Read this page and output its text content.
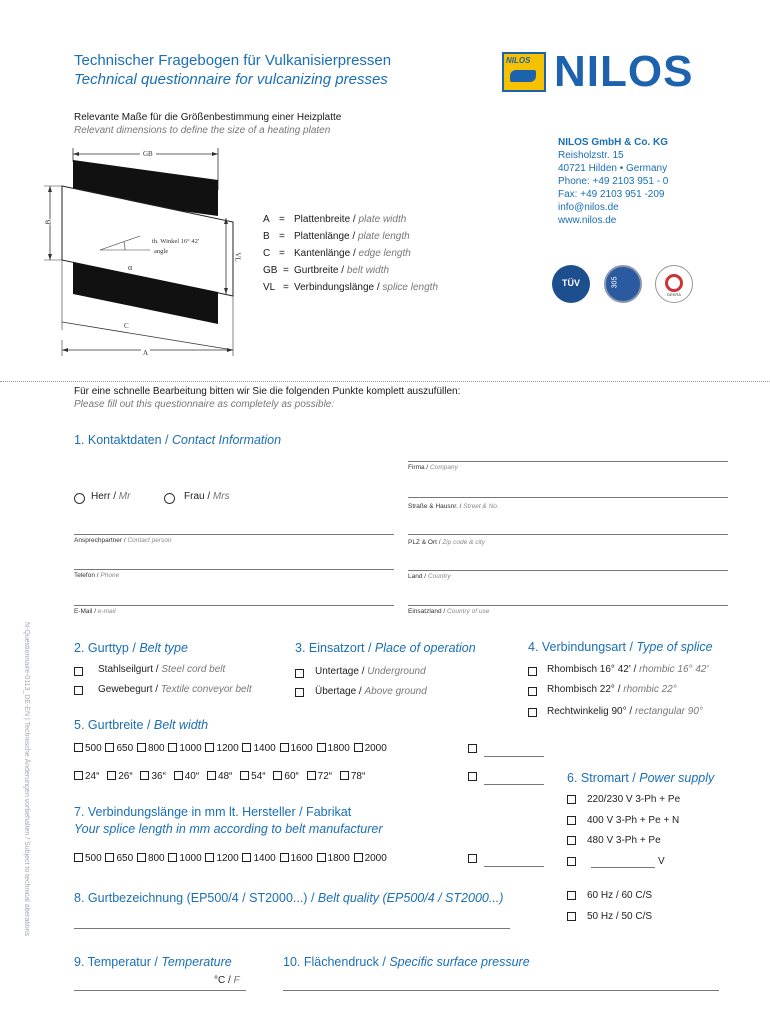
Technischer Fragebogen für Vulkanisierpressen
Technical questionnaire for vulcanizing presses
NILOS NILOS
Relevante Maße für die Größenbestimmung einer Heizplatte
Relevant dimensions to define the size of a heating platen
NILOS GmbH & Co. KG
Reisholzstr. 15
40721 Hilden • Germany
Phone: +49 2103 951 - 0
Fax: +49 2103 951 -209
info@nilos.de
www.nilos.de
GB
B
VL
C
A
th. Winkel 16° 42'
angle
α
A = Plattenbreite / plate width
B = Plattenlänge / plate length
C = Kantenlänge / edge length
GB = Gurtbreite / belt width
VL = Verbindungslänge / splice length	TÜV	305
DEKRA
Für eine schnelle Bearbeitung bitten wir Sie die folgenden Punkte komplett auszufüllen:
Please fill out this questionnaire as completely as possible:
1. Kontaktdaten / Contact Information
Herr / Mr	Frau / Mrs
Ansprechpartner / Contact person
Telefon / Phone
E-Mail / e-mail
Firma / Company
Straße & Hausnr. / Street & No.
PLZ & Ort / Zip code & city
Land / Country
Einsatzland / Country of use
N-Questionnaire-0113_DE-EN | Technische Änderungen vorbehalten / Subject to technical alterations	2. Gurttyp / Belt type
Stahlseilgurt / Steel cord belt
Gewebegurt / Textile conveyor belt
3. Einsatzort / Place of operation
Untertage / Underground
Übertage / Above ground
4. Verbindungsart / Type of splice
Rhombisch 16° 42' / rhombic 16° 42'
Rhombisch 22° / rhombic 22°
Rechtwinkelig 90° / rectangular 90°
5. Gurtbreite / Belt width
500 650 800 1000 1200 1400 1600 1800 2000
24“ 26“ 36“ 40“ 48“ 54“ 60“ 72“ 78“	6. Stromart / Power supply
220/230 V 3-Ph + Pe
400 V 3-Ph + Pe + N
480 V 3-Ph + Pe
V
60 Hz / 60 C/S
50 Hz / 50 C/S
7. Verbindungslänge in mm lt. Hersteller / Fabrikat
Your splice length in mm according to belt manufacturer
500 650 800 1000 1200 1400 1600 1800 2000
8. Gurtbezeichnung (EP500/4 / ST2000...) / Belt quality (EP500/4 / ST2000...)
9. Temperatur / Temperature
°C / F
10. Flächendruck / Specific surface pressure
